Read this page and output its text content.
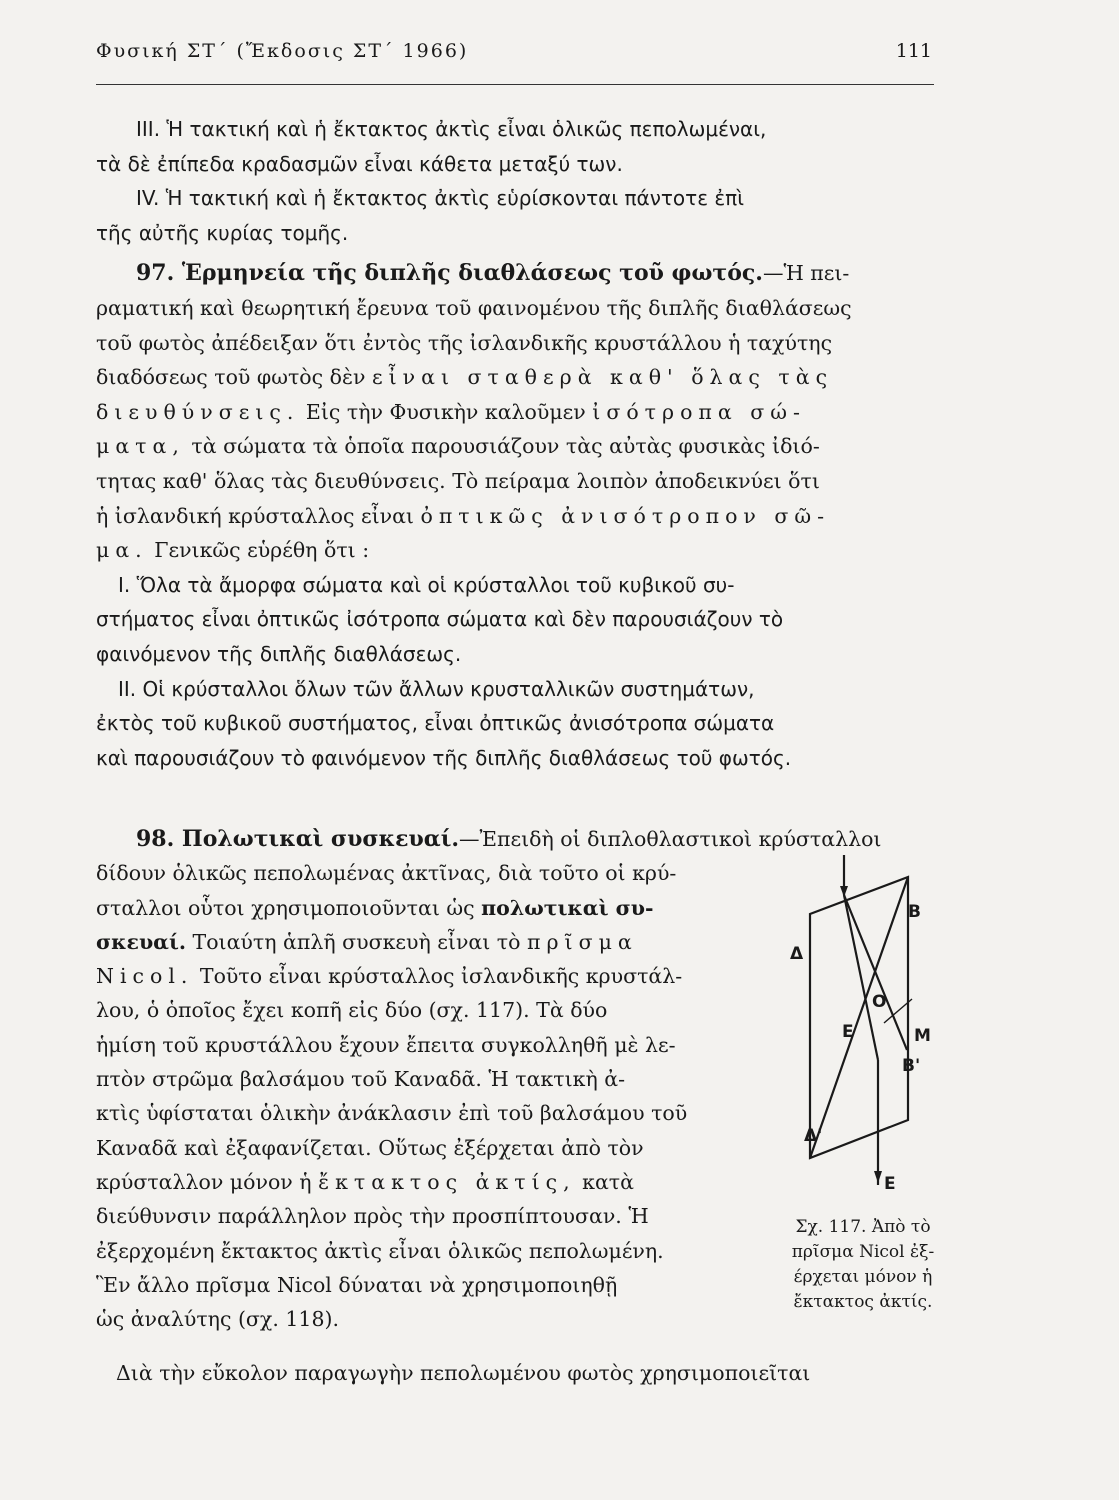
Φυσική ΣΤ΄ (Ἔκδοσις ΣΤ΄ 1966)	111

ΙΙΙ. Ἡ τακτική καὶ ἡ ἔκτακτος ἀκτὶς εἶναι ὁλικῶς πεπολωμέναι,

τὰ δὲ ἐπίπεδα κραδασμῶν εἶναι κάθετα μεταξύ των.

ΙV. Ἡ τακτική καὶ ἡ ἔκτακτος ἀκτὶς εὑρίσκονται πάντοτε ἐπὶ

τῆς αὐτῆς κυρίας τομῆς.

97. Ἑρμηνεία τῆς διπλῆς διαθλάσεως τοῦ φωτός.—Ἡ πει-

ραματική καὶ θεωρητική ἔρευνα τοῦ φαινομένου τῆς διπλῆς διαθλάσεως

τοῦ φωτὸς ἀπέδειξαν ὅτι ἐντὸς τῆς ἰσλανδικῆς κρυστάλλου ἡ ταχύτης

διαδόσεως τοῦ φωτὸς δὲν εἶναι σταθερὰ καθ' ὅλας τὰς

διευθύνσεις. Εἰς τὴν Φυσικὴν καλοῦμεν ἰσότροπα σώ-

ματα, τὰ σώματα τὰ ὁποῖα παρουσιάζουν τὰς αὐτὰς φυσικὰς ἰδιό-

τητας καθ' ὅλας τὰς διευθύνσεις. Τὸ πείραμα λοιπὸν ἀποδεικνύει ὅτι

ἡ ἰσλανδική κρύσταλλος εἶναι ὀπτικῶς ἀνισότροπον σῶ-

μα. Γενικῶς εὑρέθη ὅτι :

Ι. Ὅλα τὰ ἄμορφα σώματα καὶ οἱ κρύσταλλοι τοῦ κυβικοῦ συ-

στήματος εἶναι ὀπτικῶς ἰσότροπα σώματα καὶ δὲν παρουσιάζουν τὸ

φαινόμενον τῆς διπλῆς διαθλάσεως.

ΙΙ. Οἱ κρύσταλλοι ὅλων τῶν ἄλλων κρυσταλλικῶν συστημάτων,

ἐκτὸς τοῦ κυβικοῦ συστήματος, εἶναι ὀπτικῶς ἀνισότροπα σώματα

καὶ παρουσιάζουν τὸ φαινόμενον τῆς διπλῆς διαθλάσεως τοῦ φωτός.

98. Πολωτικαὶ συσκευαί.—Ἐπειδὴ οἱ διπλοθλαστικοὶ κρύσταλλοι

δίδουν ὁλικῶς πεπολωμένας ἀκτῖνας, διὰ τοῦτο οἱ κρύ-

σταλλοι οὗτοι χρησιμοποιοῦνται ὡς πολωτικαὶ συ-

σκευαί. Τοιαύτη ἁπλῆ συσκευὴ εἶναι τὸ πρῖσμα

Nicol. Τοῦτο εἶναι κρύσταλλος ἰσλανδικῆς κρυστάλ-

λου, ὁ ὁποῖος ἔχει κοπῆ εἰς δύο (σχ. 117). Τὰ δύο

ἡμίση τοῦ κρυστάλλου ἔχουν ἔπειτα συγκολληθῆ μὲ λε-

πτὸν στρῶμα βαλσάμου τοῦ Καναδᾶ. Ἡ τακτικὴ ἀ-

κτὶς ὑφίσταται ὁλικὴν ἀνάκλασιν ἐπὶ τοῦ βαλσάμου τοῦ

Καναδᾶ καὶ ἐξαφανίζεται. Οὕτως ἐξέρχεται ἀπὸ τὸν

κρύσταλλον μόνον ἡ ἔκτακτος ἀκτίς, κατὰ

διεύθυνσιν παράλληλον πρὸς τὴν προσπίπτουσαν. Ἡ

ἐξερχομένη ἔκτακτος ἀκτὶς εἶναι ὁλικῶς πεπολωμένη.

Ἓν ἄλλο πρῖσμα Nicol δύναται νὰ χρησιμοποιηθῇ

ὡς ἀναλύτης (σχ. 118).

Β
Δ
Ο
Ε	Μ
Β'
Δ'
Ε
Σχ. 117. Ἀπὸ τὸ
πρῖσμα Nicol ἐξ-
έρχεται μόνον ἡ
ἔκτακτος ἀκτίς.
Διὰ τὴν εὔκολον παραγωγὴν πεπολωμένου φωτὸς χρησιμοποιεῖται
